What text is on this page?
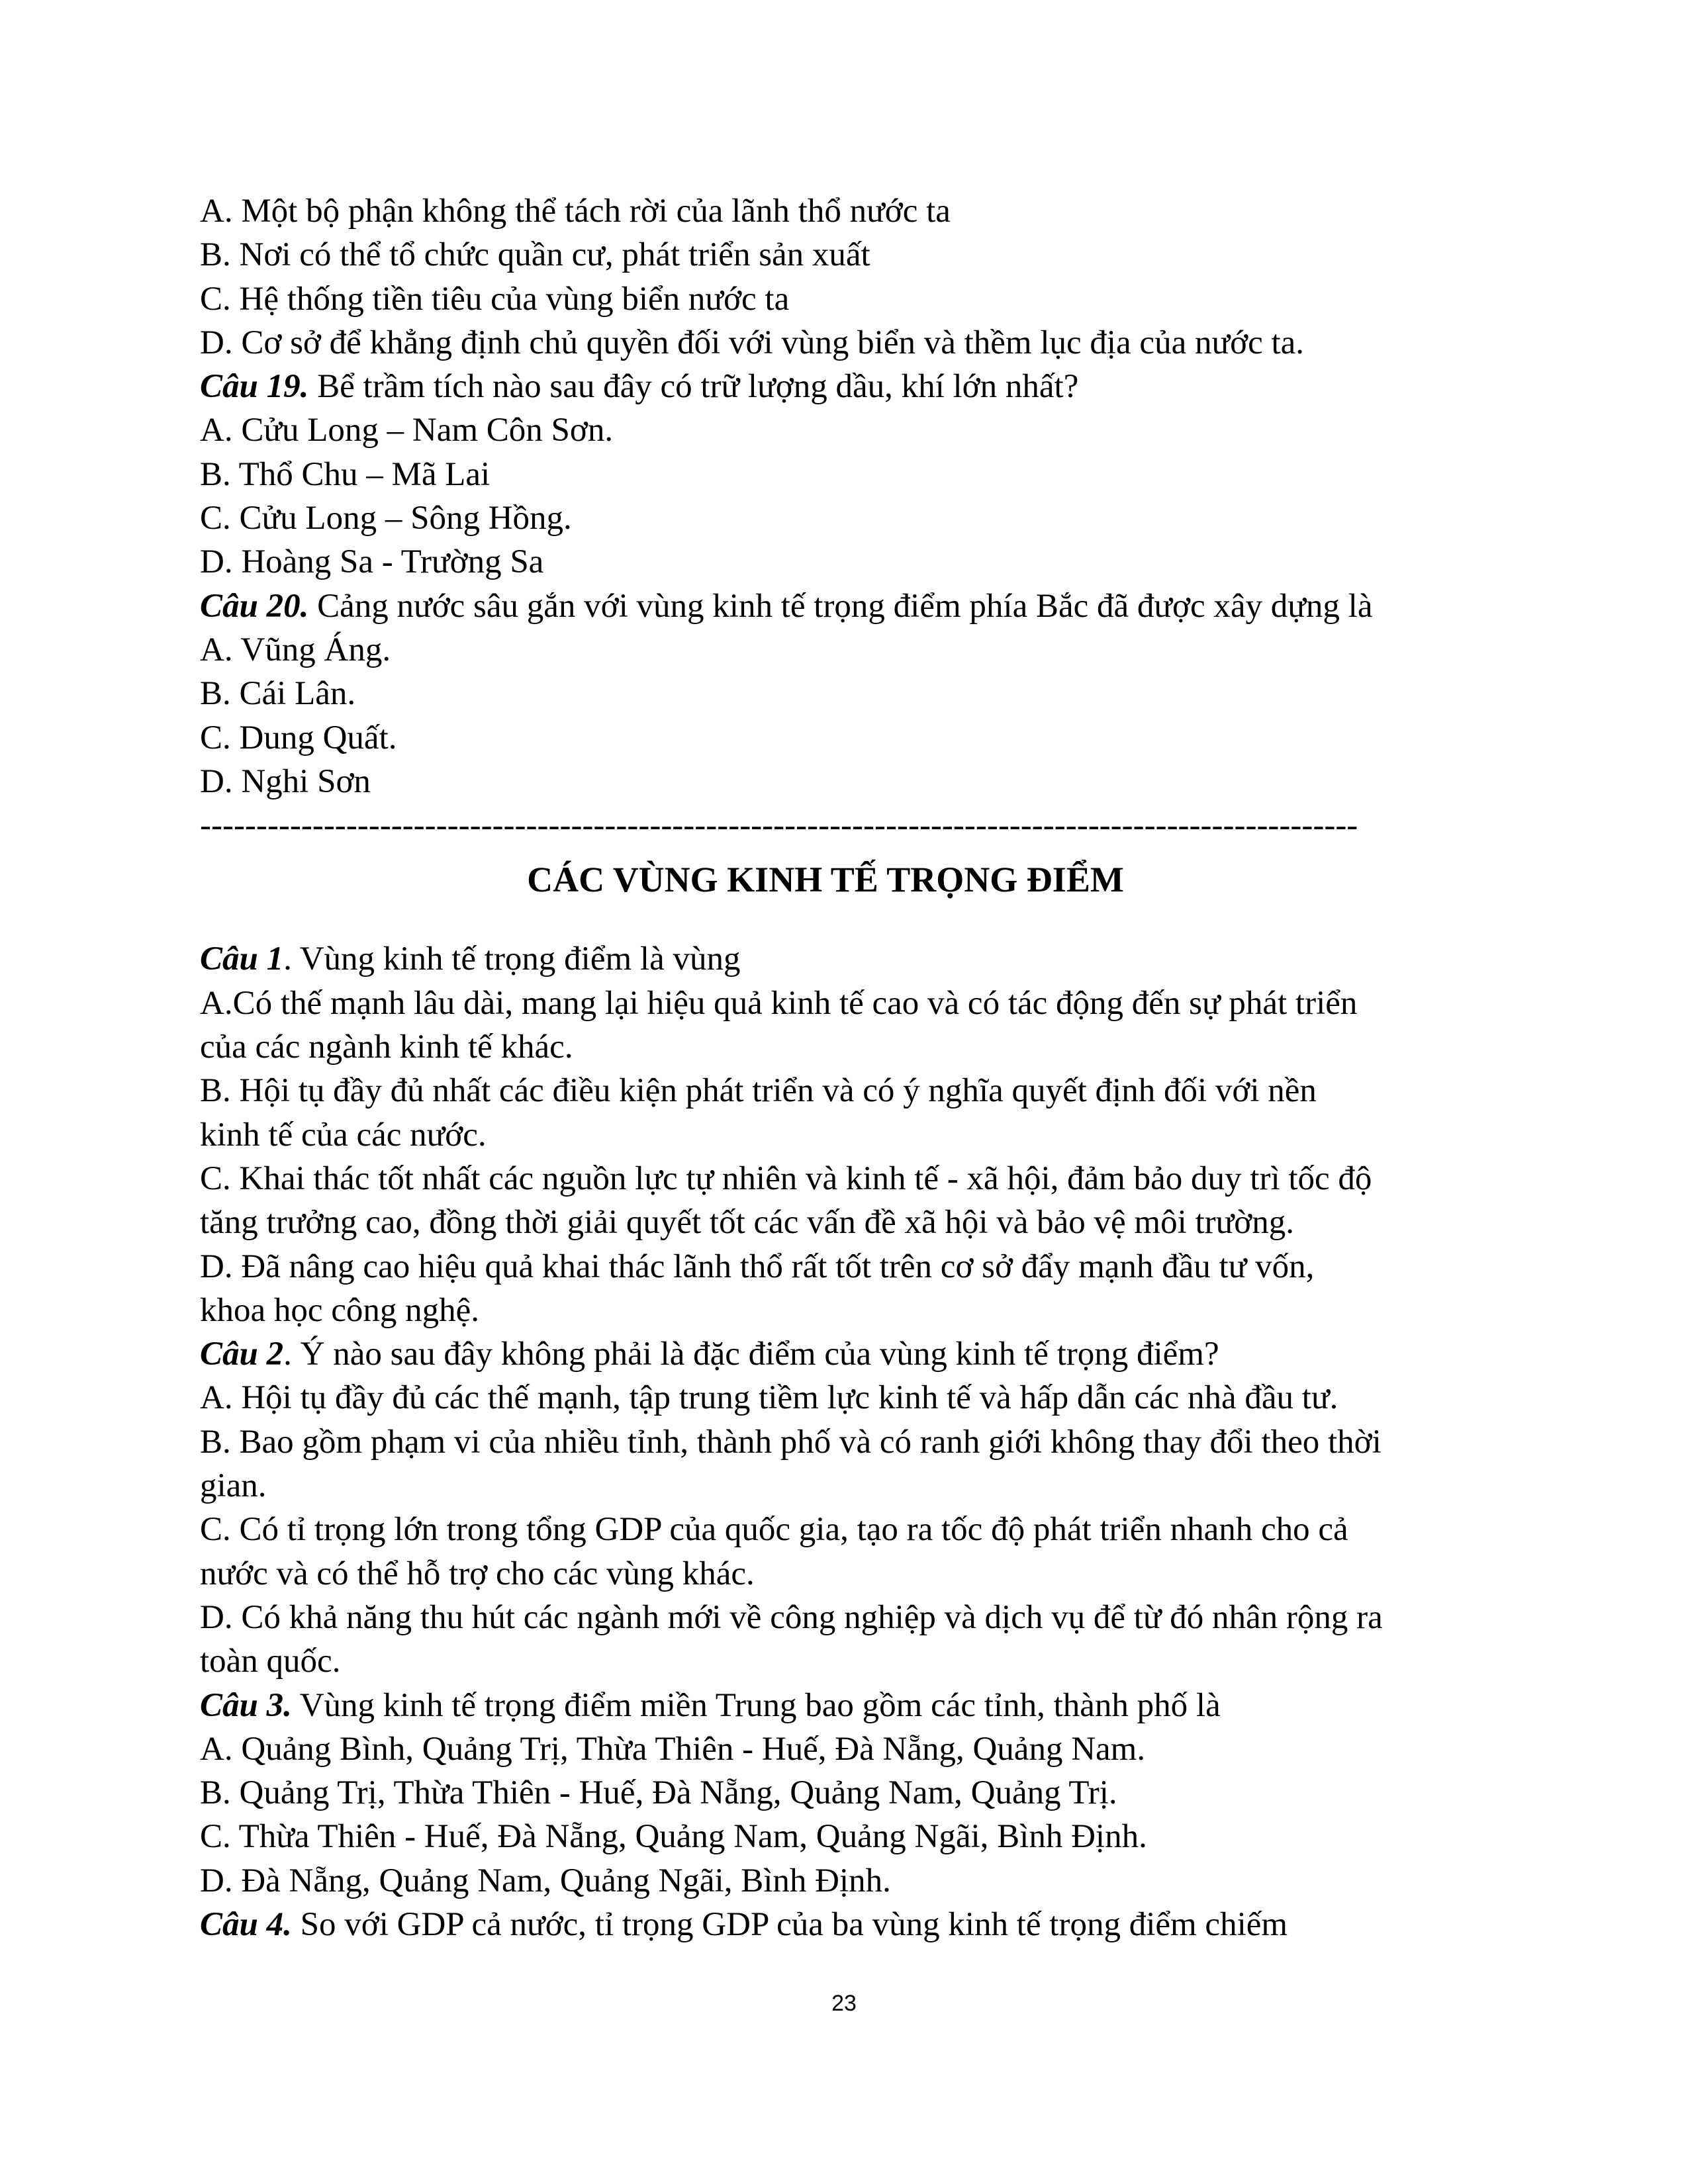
A. Một bộ phận không thể tách rời của lãnh thổ nước ta
B. Nơi có thể tổ chức quần cư, phát triển sản xuất
C. Hệ thống tiền tiêu của vùng biển nước ta
D. Cơ sở để khẳng định chủ quyền đối với vùng biển và thềm lục địa của nước ta.
Câu 19. Bể trầm tích nào sau đây có trữ lượng dầu, khí lớn nhất?
A. Cửu Long – Nam Côn Sơn.
B. Thổ Chu – Mã Lai
C. Cửu Long – Sông Hồng.
D. Hoàng Sa - Trường Sa
Câu 20. Cảng nước sâu gắn với vùng kinh tế trọng điểm phía Bắc đã được xây dựng là
A. Vũng Áng.
B. Cái Lân.
C. Dung Quất.
D. Nghi Sơn
-------------------------------------------------------------------------------------------------------
CÁC VÙNG KINH TẾ TRỌNG ĐIỂM
Câu 1. Vùng kinh tế trọng điểm là vùng
A.Có thế mạnh lâu dài, mang lại hiệu quả kinh tế cao và có tác động đến sự phát triển
của các ngành kinh tế khác.
B. Hội tụ đầy đủ nhất các điều kiện phát triển và có ý nghĩa quyết định đối với nền
kinh tế của các nước.
C. Khai thác tốt nhất các nguồn lực tự nhiên và kinh tế - xã hội, đảm bảo duy trì tốc độ
tăng trưởng cao, đồng thời giải quyết tốt các vấn đề xã hội và bảo vệ môi trường.
D. Đã nâng cao hiệu quả khai thác lãnh thổ rất tốt trên cơ sở đẩy mạnh đầu tư vốn,
khoa học công nghệ.
Câu 2. Ý nào sau đây không phải là đặc điểm của vùng kinh tế trọng điểm?
A. Hội tụ đầy đủ các thế mạnh, tập trung tiềm lực kinh tế và hấp dẫn các nhà đầu tư.
B. Bao gồm phạm vi của nhiều tỉnh, thành phố và có ranh giới không thay đổi theo thời
gian.
C. Có tỉ trọng lớn trong tổng GDP của quốc gia, tạo ra tốc độ phát triển nhanh cho cả
nước và có thể hỗ trợ cho các vùng khác.
D. Có khả năng thu hút các ngành mới về công nghiệp và dịch vụ để từ đó nhân rộng ra
toàn quốc.
Câu 3. Vùng kinh tế trọng điểm miền Trung bao gồm các tỉnh, thành phố là
A. Quảng Bình, Quảng Trị, Thừa Thiên - Huế, Đà Nẵng, Quảng Nam.
B. Quảng Trị, Thừa Thiên - Huế, Đà Nẵng, Quảng Nam, Quảng Trị.
C. Thừa Thiên - Huế, Đà Nẵng, Quảng Nam, Quảng Ngãi, Bình Định.
D. Đà Nẵng, Quảng Nam, Quảng Ngãi, Bình Định.
Câu 4. So với GDP cả nước, tỉ trọng GDP của ba vùng kinh tế trọng điểm chiếm
23
